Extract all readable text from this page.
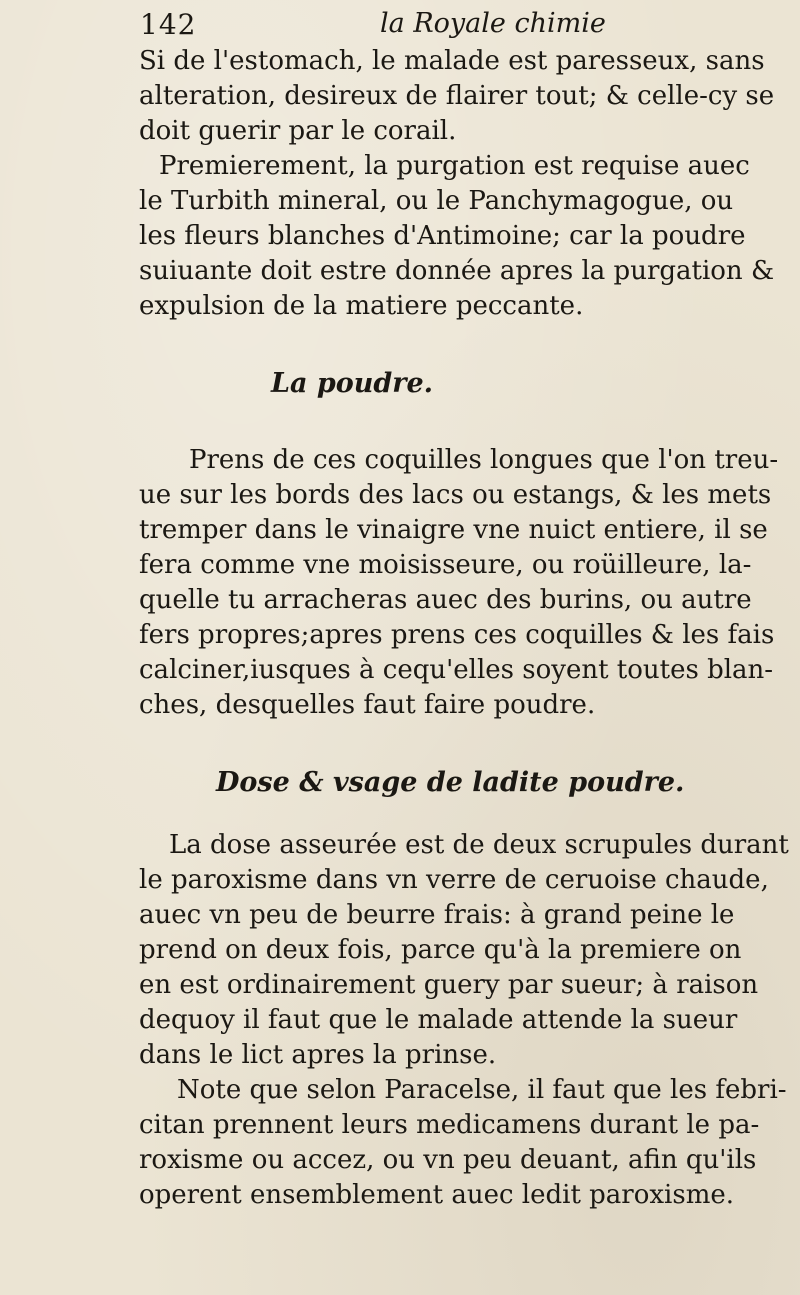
142	la Royale chimie
Si de l'estomach, le malade est paresseux, sans
alteration, desireux de flairer tout; & celle-cy se
doit guerir par le corail.
Premierement, la purgation est requise auec
le Turbith mineral, ou le Panchymagogue, ou
les fleurs blanches d'Antimoine; car la poudre
suiuante doit estre donnée apres la purgation &
expulsion de la matiere peccante.
La poudre.
Prens de ces coquilles longues que l'on treu-
ue sur les bords des lacs ou estangs, & les mets
tremper dans le vinaigre vne nuict entiere, il se
fera comme vne moisisseure, ou roüilleure, la-
quelle tu arracheras auec des burins, ou autre
fers propres;apres prens ces coquilles & les fais
calciner,iusques à cequ'elles soyent toutes blan-
ches, desquelles faut faire poudre.
Dose & vsage de ladite poudre.
La dose asseurée est de deux scrupules durant
le paroxisme dans vn verre de ceruoise chaude,
auec vn peu de beurre frais: à grand peine le
prend on deux fois, parce qu'à la premiere on
en est ordinairement guery par sueur; à raison
dequoy il faut que le malade attende la sueur
dans le lict apres la prinse.
Note que selon Paracelse, il faut que les febri-
citan prennent leurs medicamens durant le pa-
roxisme ou accez, ou vn peu deuant, afin qu'ils
operent ensemblement auec ledit paroxisme.
